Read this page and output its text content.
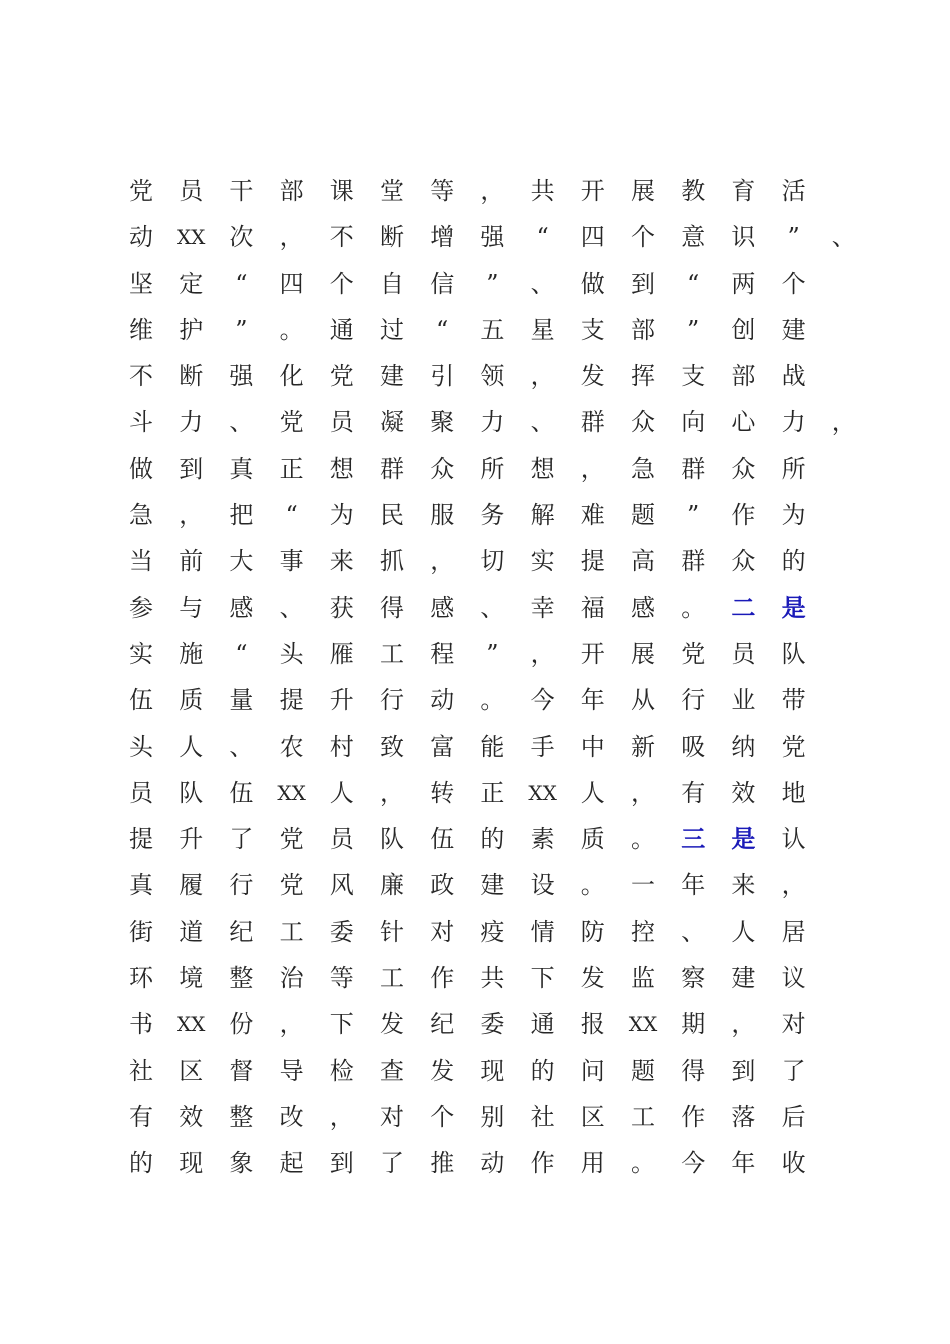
党	员	干	部	课	堂	等	，	共	开	展	教	育	活
动	XX 次	，	不	断	增	强	“	四	个	意	识	”	、
坚	定	“	四	个	自	信	”	、	做	到	“	两	个
维	护	”	。	通	过	“	五	星	支	部	”	创	建
不	断	强	化	党	建	引	领	，	发	挥	支	部	战
斗	力	、	党	员	凝	聚	力	、	群	众	向	心	力	，
做	到	真	正	想	群	众	所	想	，	急	群	众	所
急	，	把	“	为	民	服	务	解	难	题	”	作	为
当	前	大	事	来	抓	，	切	实	提	高	群	众	的
参	与	感	、	获	得	感	、	幸	福	感	。	二	是
实	施	“	头	雁	工	程	”	，	开	展	党	员	队
伍	质	量	提	升	行	动	。	今	年	从	行	业	带
头	人	、	农	村	致	富	能	手	中	新	吸	纳	党
员	队	伍	XX 人	，	转	正	XX 人	，	有	效	地
提	升	了	党	员	队	伍	的	素	质	。	三	是	认
真	履	行	党	风	廉	政	建	设	。	一	年	来	，
街	道	纪	工	委	针	对	疫	情	防	控	、	人	居
环	境	整	治	等	工	作	共	下	发	监	察	建	议
书	XX 份	，	下	发	纪	委	通	报	XX 期	，	对
社	区	督	导	检	查	发	现	的	问	题	得	到	了
有	效	整	改	，	对	个	别	社	区	工	作	落	后
的	现	象	起	到	了	推	动	作	用	。	今	年	收
